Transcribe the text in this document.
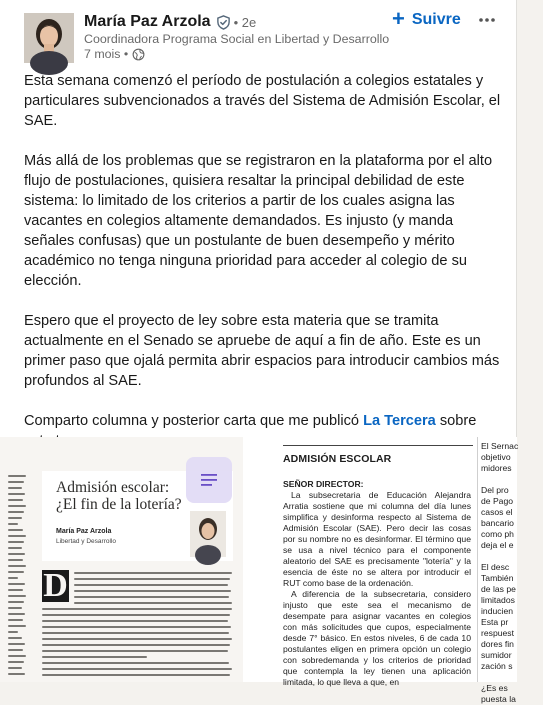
María Paz Arzola • 2e
Coordinadora Programa Social en Libertad y Desarrollo
7 mois •
+ Suivre

Esta semana comenzó el período de postulación a colegios estatales y particulares subvencionados a través del Sistema de Admisión Escolar, el SAE.

Más allá de los problemas que se registraron en la plataforma por el alto flujo de postulaciones, quisiera resaltar la principal debilidad de este sistema: lo limitado de los criterios a partir de los cuales asigna las vacantes en colegios altamente demandados. Es injusto (y manda señales confusas) que un postulante de buen desempeño y mérito académico no tenga ninguna prioridad para acceder al colegio de su elección.

Espero que el proyecto de ley sobre esta materia que se tramita actualmente en el Senado se apruebe de aquí a fin de año. Este es un primer paso que ojalá permita abrir espacios para introducir cambios más profundos al SAE.

Comparto columna y posterior carta que me publicó La Tercera sobre

Admisión escolar:
¿El fin de la lotería?
María Paz Arzola
Libertad y Desarrollo
D
ADMISIÓN ESCOLAR
SEÑOR DIRECTOR:

La subsecretaria de Educación Alejandra Arratia sostiene que mi columna del día lunes simplifica y desinforma respecto al Sistema de Admisión Escolar (SAE). Pero decir las cosas por su nombre no es desinformar. El término que se usa a nivel técnico para el componente aleatorio del SAE es precisamente "lotería" y la esencia de éste no se altera por introducir el RUT como base de la ordenación.

A diferencia de la subsecretaria, considero injusto que este sea el mecanismo de desempate para asignar vacantes en colegios con más solicitudes que cupos, especialmente desde 7° básico. En estos niveles, 6 de cada 10 postulantes eligen en primera opción un colegio con sobredemanda y los criterios de prioridad que contempla la ley tienen una aplicación limitada, lo que lleva a que, en

El Sernac
objetivo
midores

Del pro
de Pago
casos el
bancario
como ph
deja el e

El desc
También
de las pe
limitados
inducien
Esta pr
respuest
dores fin
sumidor
zación s

¿Es es
puesta la
